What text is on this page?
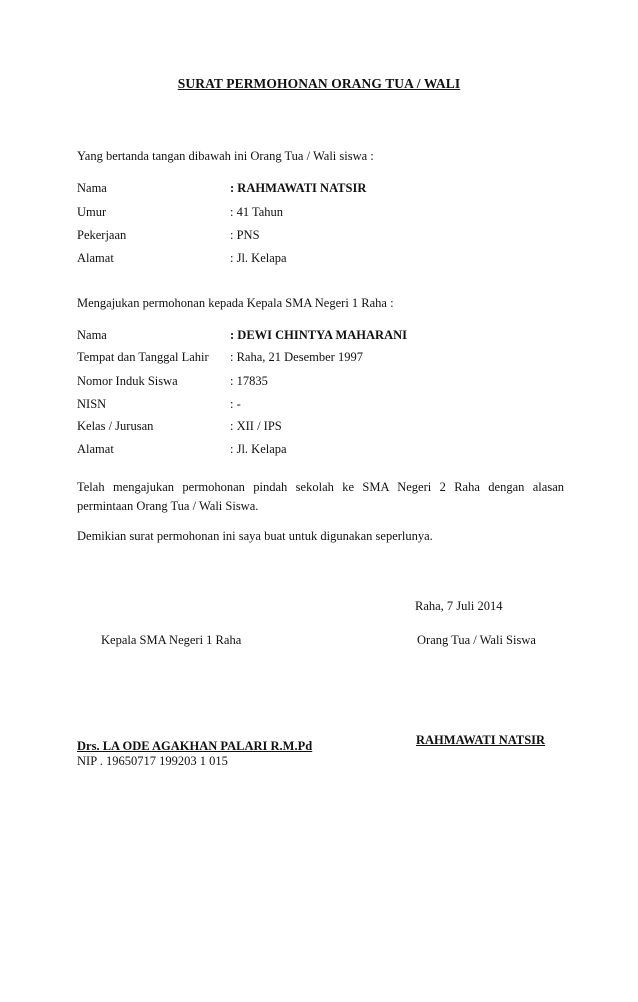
SURAT PERMOHONAN ORANG TUA / WALI
Yang bertanda tangan dibawah ini Orang Tua / Wali siswa :
Nama	: RAHMAWATI NATSIR
Umur	: 41 Tahun
Pekerjaan	: PNS
Alamat	: Jl. Kelapa
Mengajukan permohonan kepada Kepala SMA Negeri 1 Raha :
Nama	: DEWI CHINTYA MAHARANI
Tempat dan Tanggal Lahir : Raha, 21 Desember 1997
Nomor Induk Siswa	: 17835
NISN	: -
Kelas / Jurusan	: XII / IPS
Alamat	: Jl. Kelapa
Telah mengajukan permohonan pindah sekolah ke SMA Negeri 2 Raha dengan alasan permintaan Orang Tua / Wali Siswa.
Demikian surat permohonan ini saya buat untuk digunakan seperlunya.
Raha, 7 Juli 2014
Kepala SMA Negeri 1 Raha	Orang Tua / Wali Siswa
Drs. LA ODE AGAKHAN PALARI R.M.Pd
NIP . 19650717 199203 1 015
RAHMAWATI NATSIR
